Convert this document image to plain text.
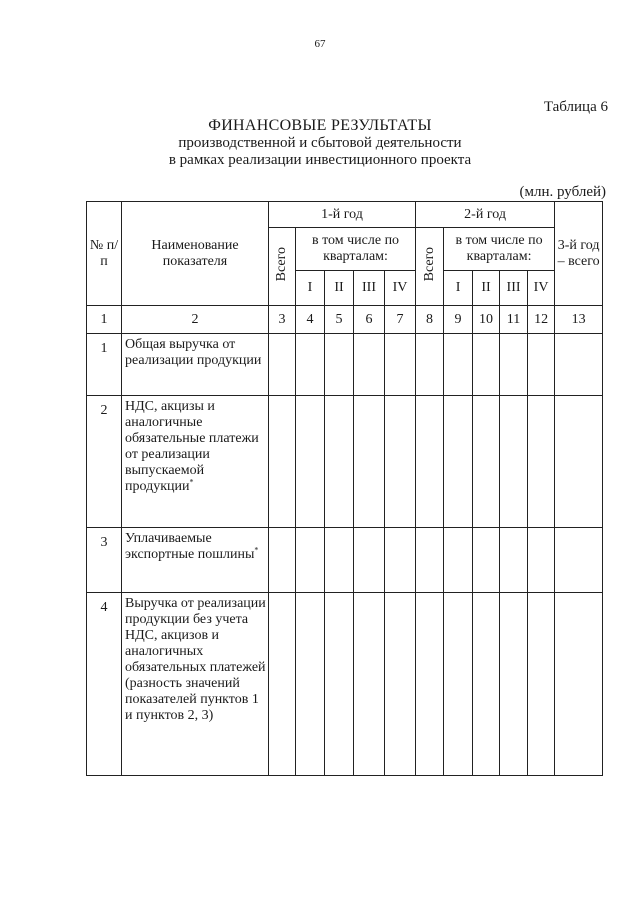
67
Таблица 6
ФИНАНСОВЫЕ РЕЗУЛЬТАТЫ
производственной и сбытовой деятельности
в рамках реализации инвестиционного проекта
(млн. рублей)
№ п/п	Наименование показателя	1-й год					2-й год					3-й год – всего
		Всего	в том числе по кварталам:				Всего	в том числе по кварталам:				
			I	II	III	IV		I	II	III	IV	
1	2	3	4	5	6	7	8	9	10	11	12	13
1	Общая выручка от реализации продукции											
2	НДС, акцизы и аналогичные обязательные платежи от реализации выпускаемой продукции*											
3	Уплачиваемые экспортные пошлины*											
4	Выручка от реализации продукции без учета НДС, акцизов и аналогичных обязательных платежей (разность значений показателей пунктов 1 и пунктов 2, 3)											
